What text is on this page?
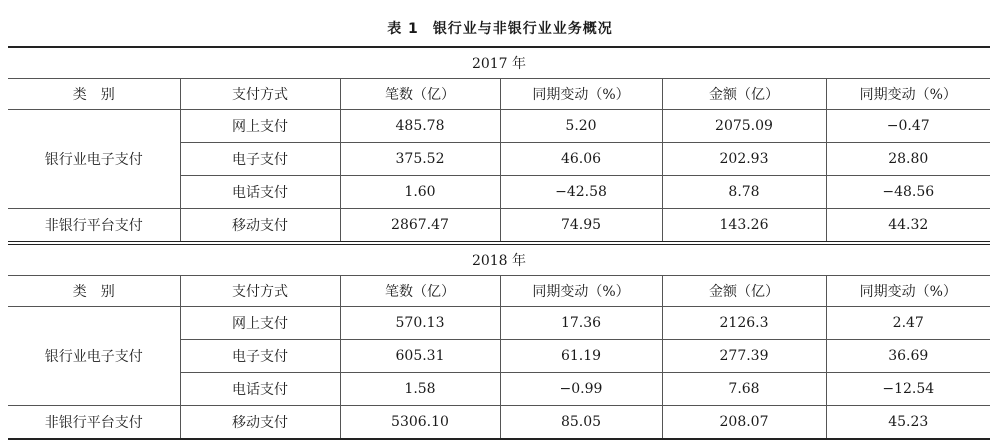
表 1 银行业与非银行业业务概况
2017 年					
类　别	支付方式	笔数（亿）	同期变动（%）	金额（亿）	同期变动（%）
银行业电子支付	网上支付	485.78	5.20	2075.09	−0.47
	电子支付	375.52	46.06	202.93	28.80
	电话支付	1.60	−42.58	8.78	−48.56
非银行平台支付	移动支付	2867.47	74.95	143.26	44.32
2018 年					
类　别	支付方式	笔数（亿）	同期变动（%）	金额（亿）	同期变动（%）
银行业电子支付	网上支付	570.13	17.36	2126.3	2.47
	电子支付	605.31	61.19	277.39	36.69
	电话支付	1.58	−0.99	7.68	−12.54
非银行平台支付	移动支付	5306.10	85.05	208.07	45.23
